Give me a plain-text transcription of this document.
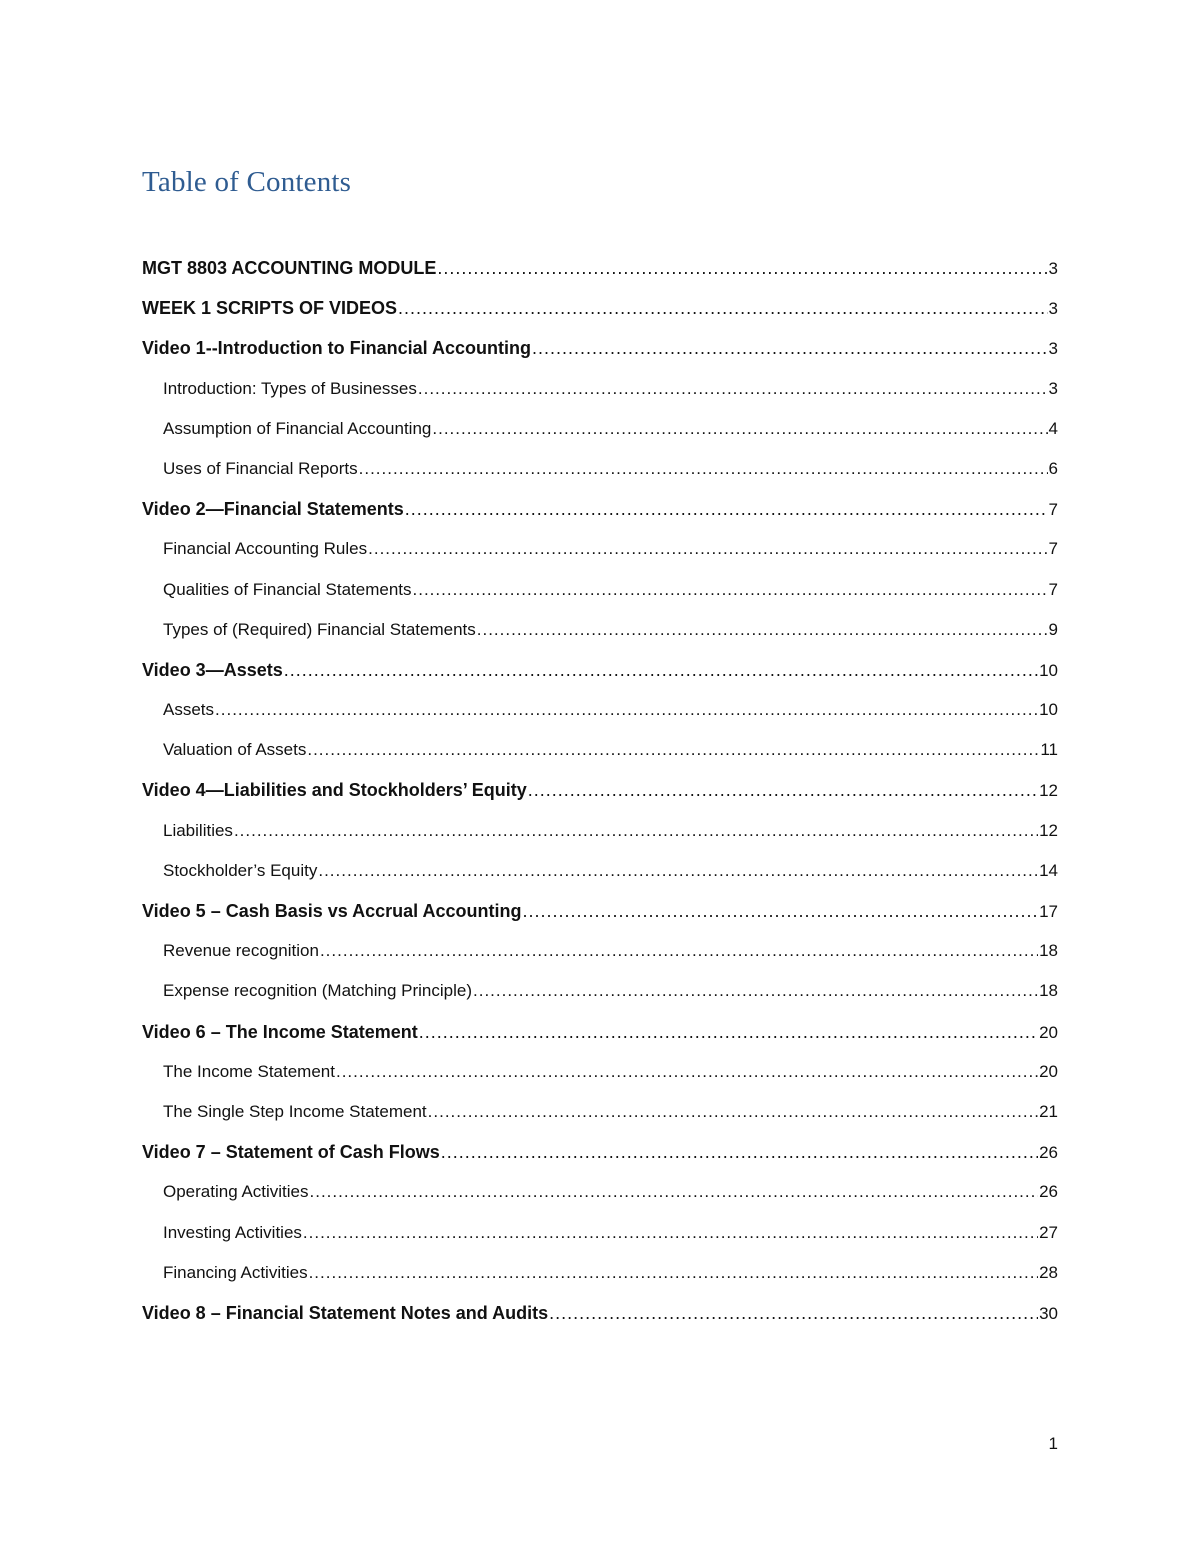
Table of Contents
MGT 8803 ACCOUNTING MODULE .....	3
WEEK 1 SCRIPTS OF VIDEOS .....	3
Video 1--Introduction to Financial Accounting .....	3
Introduction: Types of Businesses .....	3
Assumption of Financial Accounting .....	4
Uses of Financial Reports .....	6
Video 2—Financial Statements .....	7
Financial Accounting Rules .....	7
Qualities of Financial Statements .....	7
Types of (Required) Financial Statements .....	9
Video 3—Assets .....	10
Assets .....	10
Valuation of Assets .....	11
Video 4—Liabilities and Stockholders’ Equity .....	12
Liabilities .....	12
Stockholder’s Equity .....	14
Video 5 – Cash Basis vs Accrual Accounting .....	17
Revenue recognition .....	18
Expense recognition (Matching Principle) .....	18
Video 6 – The Income Statement .....	20
The Income Statement .....	20
The Single Step Income Statement .....	21
Video 7 – Statement of Cash Flows .....	26
Operating Activities .....	26
Investing Activities .....	27
Financing Activities .....	28
Video 8 – Financial Statement Notes and Audits .....	30
1
